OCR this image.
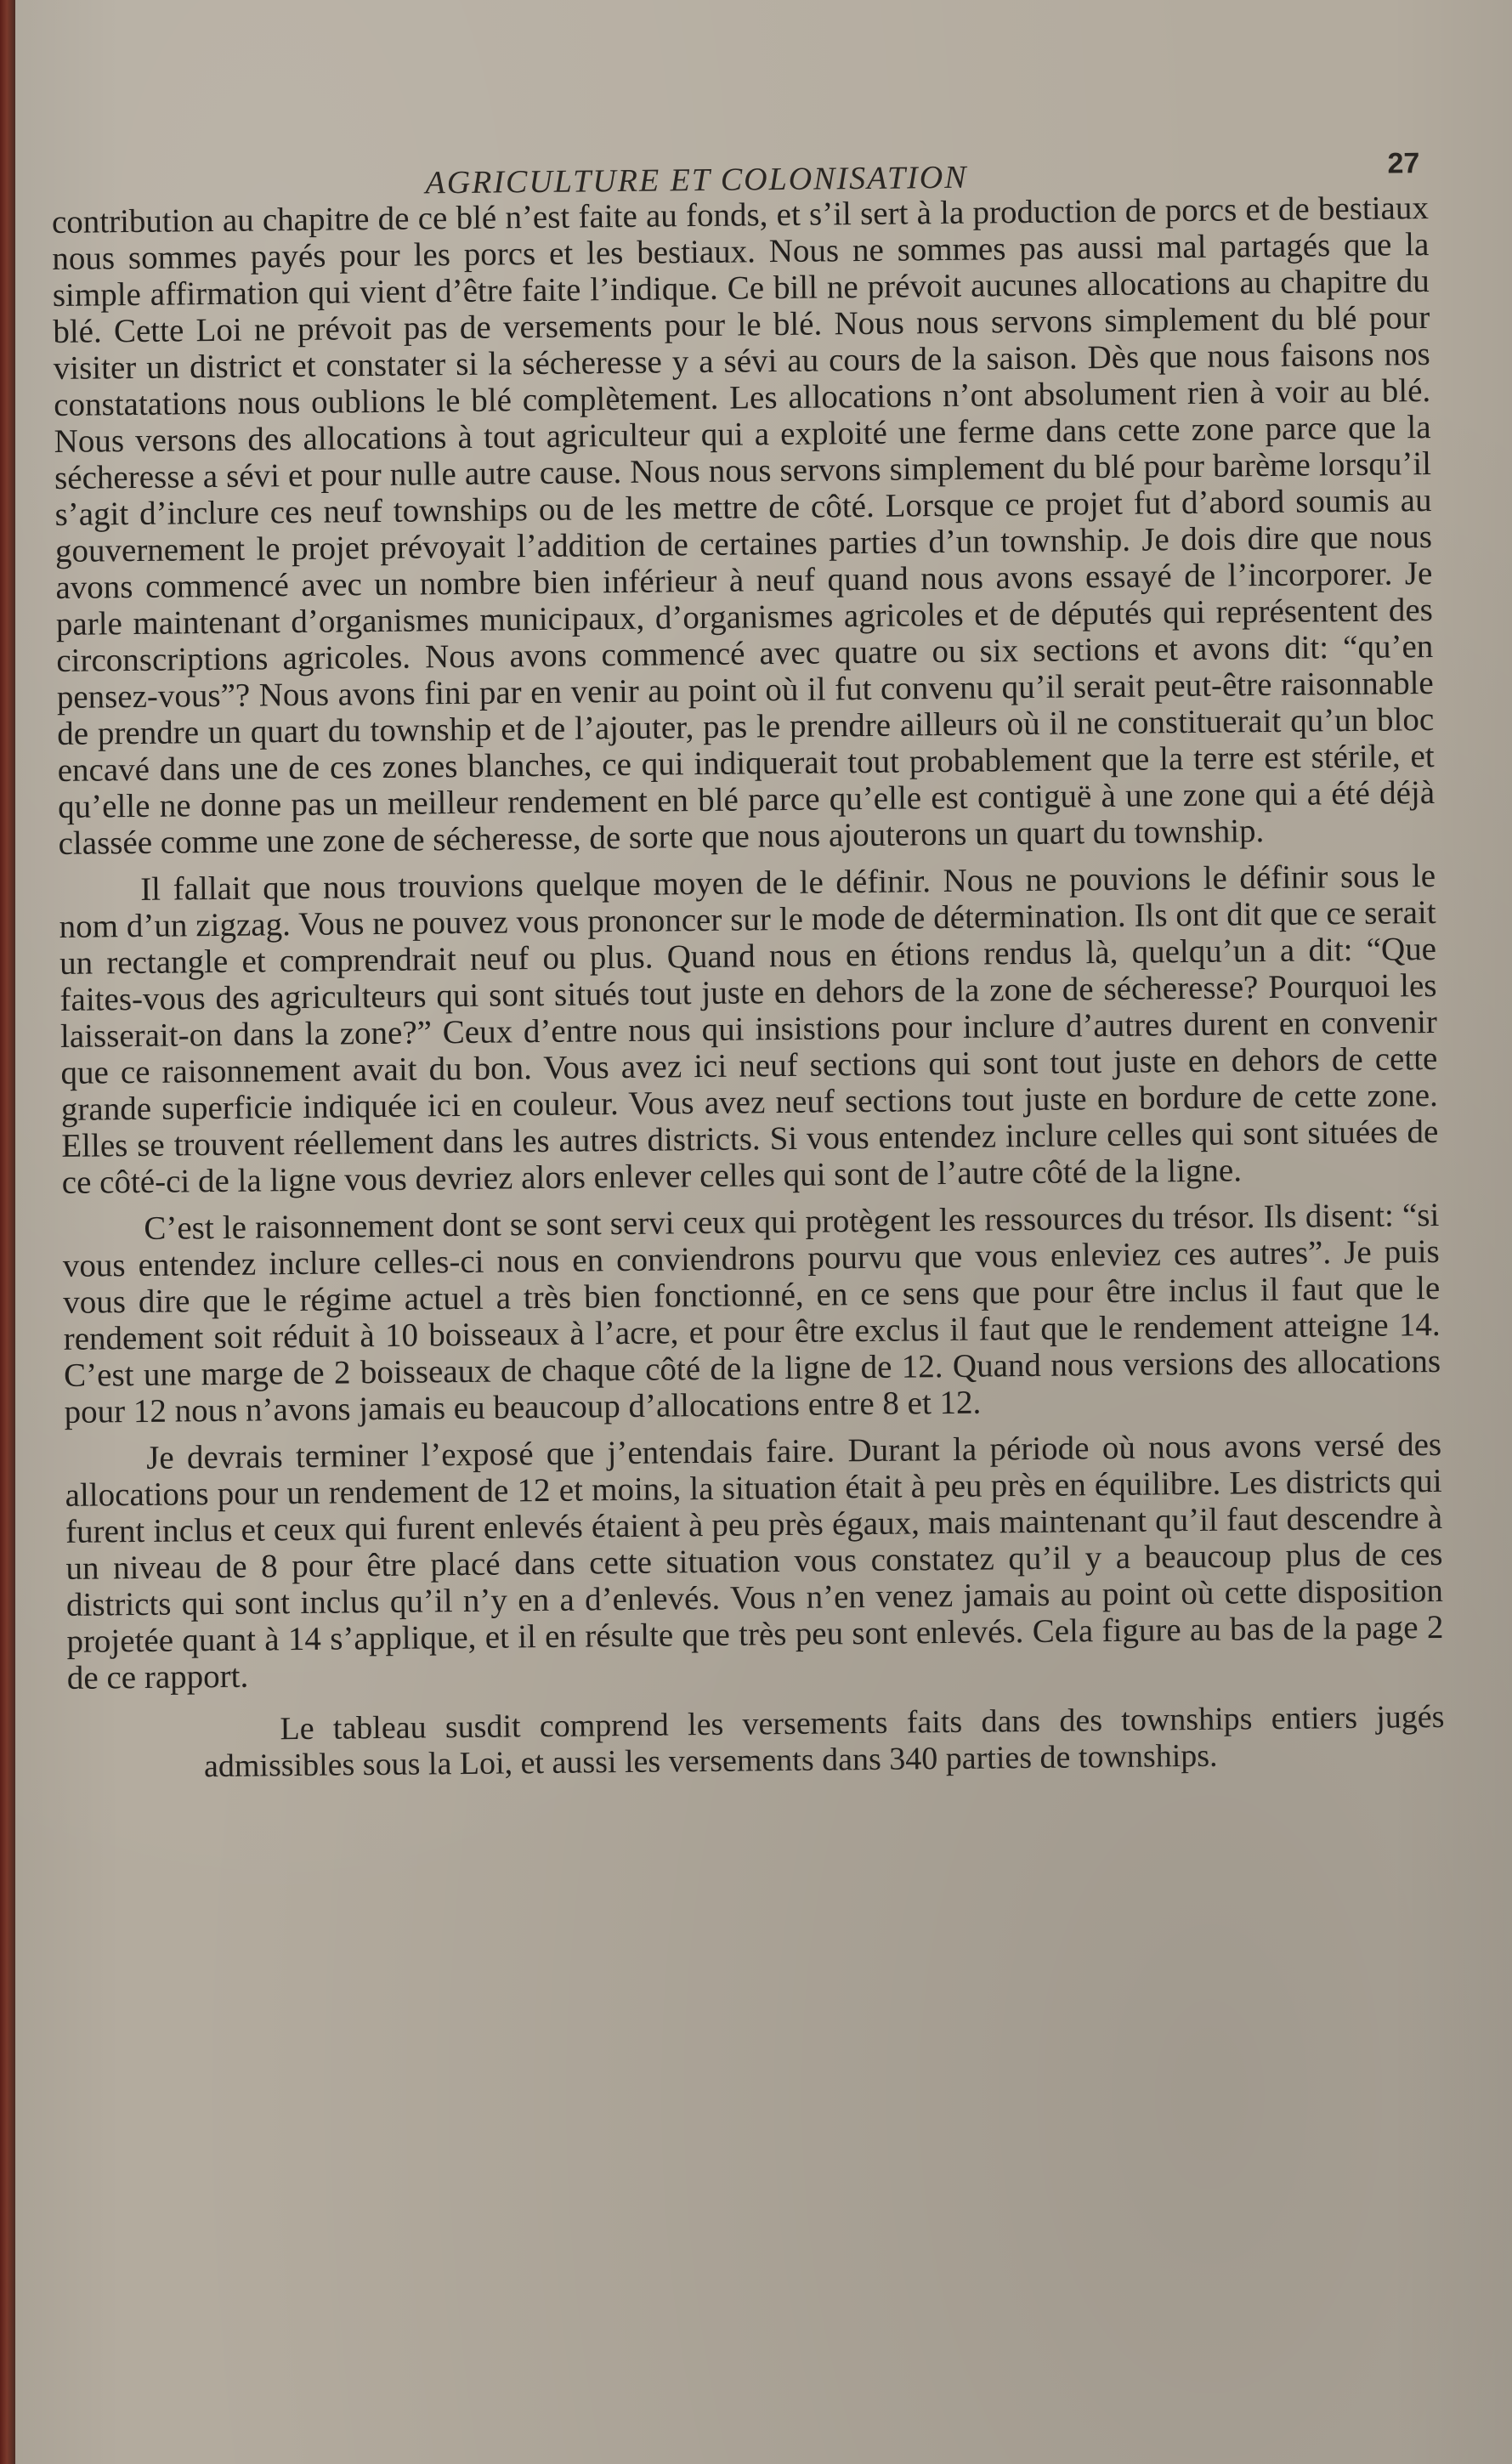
AGRICULTURE ET COLONISATION	27

contribution au chapitre de ce blé n’est faite au fonds, et s’il sert à la production de porcs et de bestiaux nous sommes payés pour les porcs et les bestiaux. Nous ne sommes pas aussi mal partagés que la simple affirmation qui vient d’être faite l’indique. Ce bill ne prévoit aucunes allocations au chapitre du blé. Cette Loi ne prévoit pas de versements pour le blé. Nous nous servons simplement du blé pour visiter un district et constater si la sécheresse y a sévi au cours de la saison. Dès que nous faisons nos constatations nous oublions le blé complètement. Les allocations n’ont absolument rien à voir au blé. Nous versons des allocations à tout agriculteur qui a exploité une ferme dans cette zone parce que la sécheresse a sévi et pour nulle autre cause. Nous nous servons simplement du blé pour barème lorsqu’il s’agit d’inclure ces neuf townships ou de les mettre de côté. Lorsque ce projet fut d’abord soumis au gouvernement le projet prévoyait l’addition de certaines parties d’un township. Je dois dire que nous avons commencé avec un nombre bien inférieur à neuf quand nous avons essayé de l’incorporer. Je parle maintenant d’organismes municipaux, d’organismes agricoles et de députés qui représentent des circonscriptions agricoles. Nous avons commencé avec quatre ou six sections et avons dit: “qu’en pensez-vous”? Nous avons fini par en venir au point où il fut convenu qu’il serait peut-être raisonnable de prendre un quart du township et de l’ajouter, pas le prendre ailleurs où il ne constituerait qu’un bloc encavé dans une de ces zones blanches, ce qui indiquerait tout probablement que la terre est stérile, et qu’elle ne donne pas un meilleur rendement en blé parce qu’elle est contiguë à une zone qui a été déjà classée comme une zone de sécheresse, de sorte que nous ajouterons un quart du township.

Il fallait que nous trouvions quelque moyen de le définir. Nous ne pouvions le définir sous le nom d’un zigzag. Vous ne pouvez vous prononcer sur le mode de détermination. Ils ont dit que ce serait un rectangle et comprendrait neuf ou plus. Quand nous en étions rendus là, quelqu’un a dit: “Que faites-vous des agriculteurs qui sont situés tout juste en dehors de la zone de sécheresse? Pourquoi les laisserait-on dans la zone?” Ceux d’entre nous qui insistions pour inclure d’autres durent en convenir que ce raisonnement avait du bon. Vous avez ici neuf sections qui sont tout juste en dehors de cette grande superficie indiquée ici en couleur. Vous avez neuf sections tout juste en bordure de cette zone. Elles se trouvent réellement dans les autres districts. Si vous entendez inclure celles qui sont situées de ce côté-ci de la ligne vous devriez alors enlever celles qui sont de l’autre côté de la ligne.

C’est le raisonnement dont se sont servi ceux qui protègent les ressources du trésor. Ils disent: “si vous entendez inclure celles-ci nous en conviendrons pourvu que vous enleviez ces autres”. Je puis vous dire que le régime actuel a très bien fonctionné, en ce sens que pour être inclus il faut que le rendement soit réduit à 10 boisseaux à l’acre, et pour être exclus il faut que le rendement atteigne 14. C’est une marge de 2 boisseaux de chaque côté de la ligne de 12. Quand nous versions des allocations pour 12 nous n’avons jamais eu beaucoup d’allocations entre 8 et 12.

Je devrais terminer l’exposé que j’entendais faire. Durant la période où nous avons versé des allocations pour un rendement de 12 et moins, la situation était à peu près en équilibre. Les districts qui furent inclus et ceux qui furent enlevés étaient à peu près égaux, mais maintenant qu’il faut descendre à un niveau de 8 pour être placé dans cette situation vous constatez qu’il y a beaucoup plus de ces districts qui sont inclus qu’il n’y en a d’enlevés. Vous n’en venez jamais au point où cette disposition projetée quant à 14 s’applique, et il en résulte que très peu sont enlevés. Cela figure au bas de la page 2 de ce rapport.

Le tableau susdit comprend les versements faits dans des townships entiers jugés admissibles sous la Loi, et aussi les versements dans 340 parties de townships.
